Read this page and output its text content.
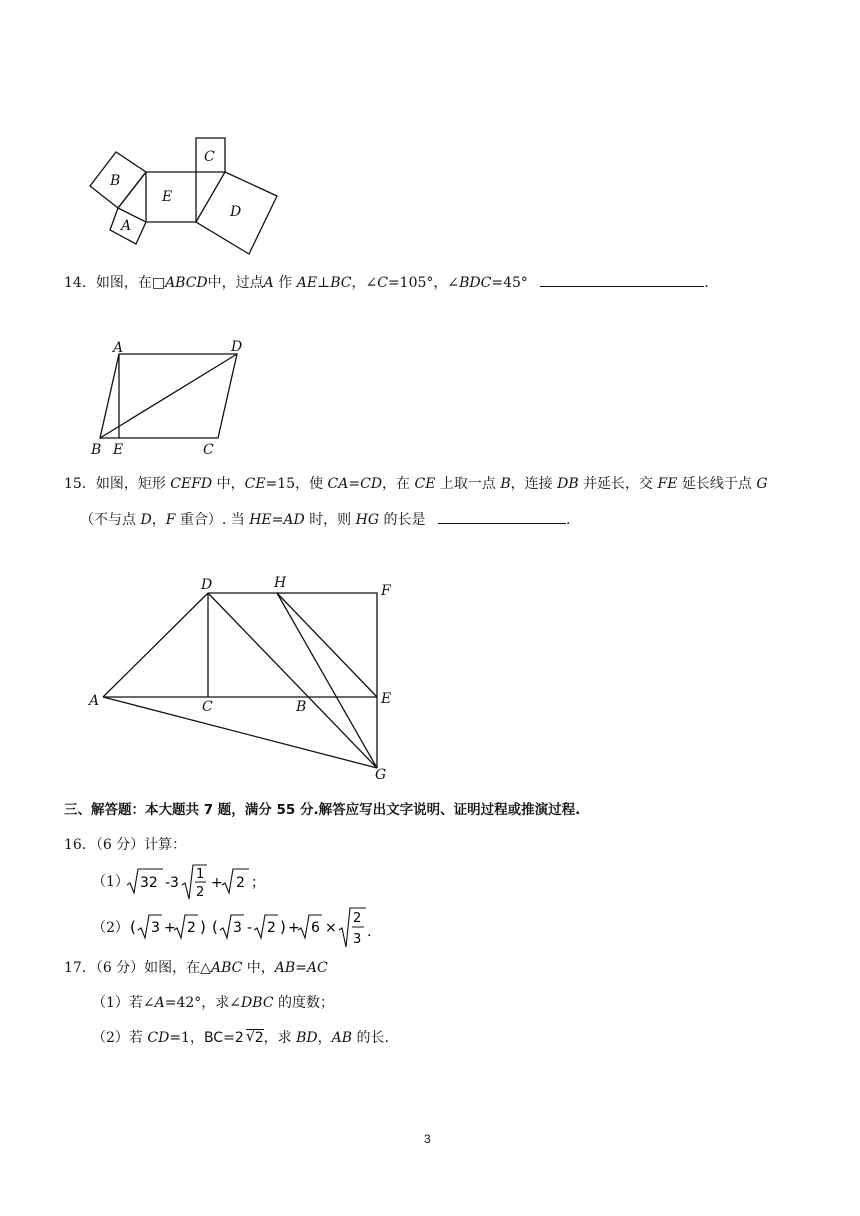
B
E
C
D
A
14．如图，在□ABCD中，过点A 作 AE⊥BC，∠C=105°，∠BDC=45°	.
A	D
B E	C
15．如图，矩形 CEFD 中，CE=15，使 CA=CD，在 CE 上取一点 B，连接 DB 并延长，交 FE 延长线于点 G
（不与点 D，F 重合）. 当 HE=AD 时，则 HG 的长是	.
D	H	F
A	C	B	E
G
三、解答题：本大题共 7 题，满分 55 分.解答应写出文字说明、证明过程或推演过程.
16．（6 分）计算：
（1） 32 -3
1
2
+ 2 ；
（2） ( 3 + 2 ) ( 3 - 2 ) + 6 ×
2
3 .
17．（6 分）如图，在△ABC 中，AB=AC
（1）若∠A=42°，求∠DBC 的度数；
（2）若 CD=1，BC=2 √ 2，求 BD，AB 的长.
3
